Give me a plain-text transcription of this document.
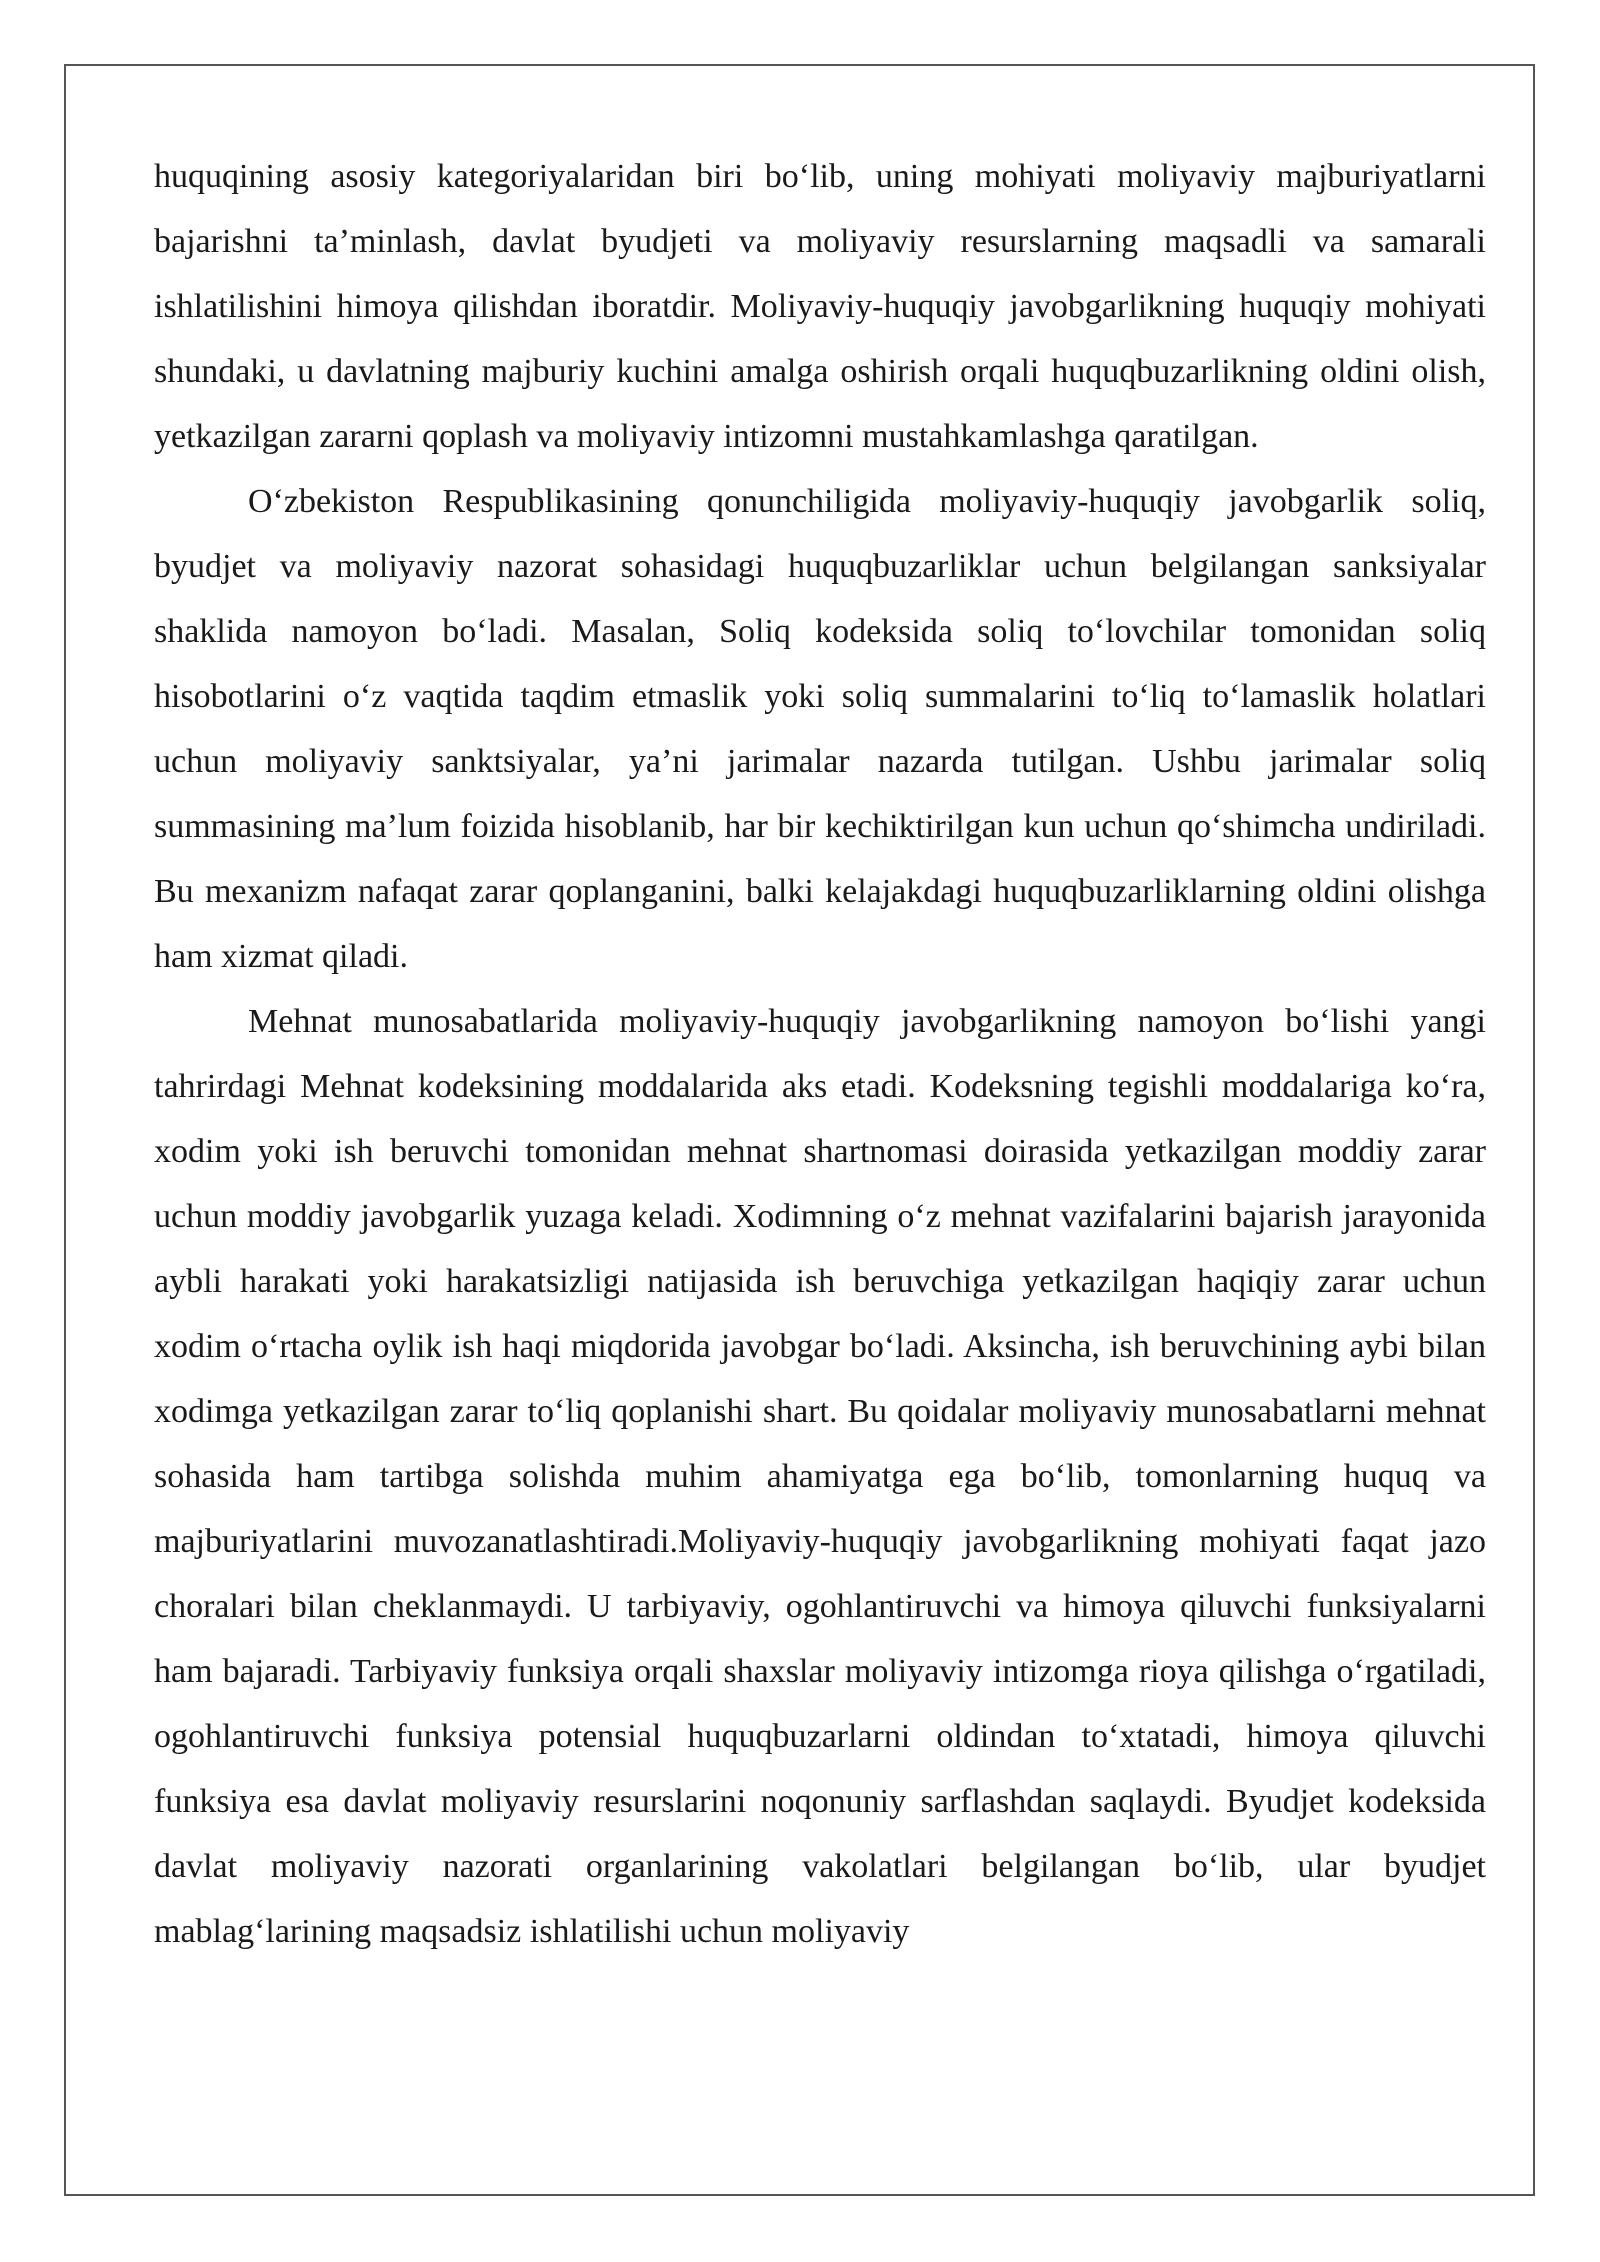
huquqining asosiy kategoriyalaridan biri bo‘lib, uning mohiyati moliyaviy majburiyatlarni bajarishni ta’minlash, davlat byudjeti va moliyaviy resurslarning maqsadli va samarali ishlatilishini himoya qilishdan iboratdir. Moliyaviy-huquqiy javobgarlikning huquqiy mohiyati shundaki, u davlatning majburiy kuchini amalga oshirish orqali huquqbuzarlikning oldini olish, yetkazilgan zararni qoplash va moliyaviy intizomni mustahkamlashga qaratilgan.

O‘zbekiston Respublikasining qonunchiligida moliyaviy-huquqiy javobgarlik soliq, byudjet va moliyaviy nazorat sohasidagi huquqbuzarliklar uchun belgilangan sanksiyalar shaklida namoyon bo‘ladi. Masalan, Soliq kodeksida soliq to‘lovchilar tomonidan soliq hisobotlarini o‘z vaqtida taqdim etmaslik yoki soliq summalarini to‘liq to‘lamaslik holatlari uchun moliyaviy sanktsiyalar, ya’ni jarimalar nazarda tutilgan. Ushbu jarimalar soliq summasining ma’lum foizida hisoblanib, har bir kechiktirilgan kun uchun qo‘shimcha undiriladi. Bu mexanizm nafaqat zarar qoplanganini, balki kelajakdagi huquqbuzarliklarning oldini olishga ham xizmat qiladi.

Mehnat munosabatlarida moliyaviy-huquqiy javobgarlikning namoyon bo‘lishi yangi tahrirdagi Mehnat kodeksining moddalarida aks etadi. Kodeksning tegishli moddalariga ko‘ra, xodim yoki ish beruvchi tomonidan mehnat shartnomasi doirasida yetkazilgan moddiy zarar uchun moddiy javobgarlik yuzaga keladi. Xodimning o‘z mehnat vazifalarini bajarish jarayonida aybli harakati yoki harakatsizligi natijasida ish beruvchiga yetkazilgan haqiqiy zarar uchun xodim o‘rtacha oylik ish haqi miqdorida javobgar bo‘ladi. Aksincha, ish beruvchining aybi bilan xodimga yetkazilgan zarar to‘liq qoplanishi shart. Bu qoidalar moliyaviy munosabatlarni mehnat sohasida ham tartibga solishda muhim ahamiyatga ega bo‘lib, tomonlarning huquq va majburiyatlarini muvozanatlashtiradi.Moliyaviy-huquqiy javobgarlikning mohiyati faqat jazo choralari bilan cheklanmaydi. U tarbiyaviy, ogohlantiruvchi va himoya qiluvchi funksiyalarni ham bajaradi. Tarbiyaviy funksiya orqali shaxslar moliyaviy intizomga rioya qilishga o‘rgatiladi, ogohlantiruvchi funksiya potensial huquqbuzarlarni oldindan to‘xtatadi, himoya qiluvchi funksiya esa davlat moliyaviy resurslarini noqonuniy sarflashdan saqlaydi. Byudjet kodeksida davlat moliyaviy nazorati organlarining vakolatlari belgilangan bo‘lib, ular byudjet mablag‘larining maqsadsiz ishlatilishi uchun moliyaviy
